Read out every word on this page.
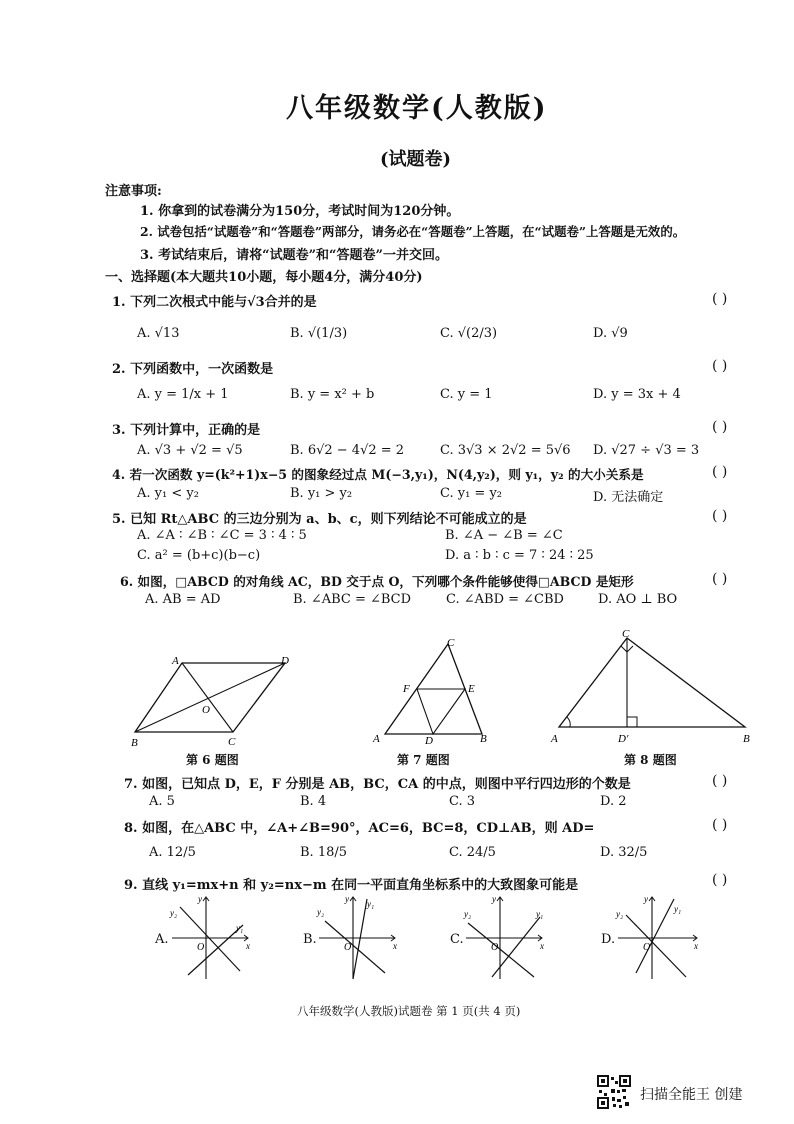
八年级数学(人教版)
(试题卷)
注意事项:
1. 你拿到的试卷满分为150分，考试时间为120分钟。
2. 试卷包括“试题卷”和“答题卷”两部分，请务必在“答题卷”上答题，在“试题卷”上答题是无效的。
3. 考试结束后，请将“试题卷”和“答题卷”一并交回。
一、选择题(本大题共10小题，每小题4分，满分40分)
1. 下列二次根式中能与√3合并的是	( )
A. √13	B. √(1/3)	C. √(2/3)	D. √9
2. 下列函数中，一次函数是	( )
A. y = 1/x + 1	B. y = x² + b	C. y = 1	D. y = 3x + 4
3. 下列计算中，正确的是	( )
A. √3 + √2 = √5	B. 6√2 − 4√2 = 2	C. 3√3 × 2√2 = 5√6 D. √27 ÷ √3 = 3
4. 若一次函数 y=(k²+1)x−5 的图象经过点 M(−3,y₁)，N(4,y₂)，则 y₁，y₂ 的大小关系是	( )
A. y₁ < y₂	B. y₁ > y₂	C. y₁ = y₂	D. 无法确定
5. 已知 Rt△ABC 的三边分别为 a、b、c，则下列结论不可能成立的是	( )
A. ∠A ∶ ∠B ∶ ∠C = 3 ∶ 4 ∶ 5	B. ∠A − ∠B = ∠C
C. a² = (b+c)(b−c)	D. a ∶ b ∶ c = 7 ∶ 24 ∶ 25
6. 如图，□ABCD 的对角线 AC，BD 交于点 O，下列哪个条件能够使得□ABCD 是矩形	( )
A. AB = AD	B. ∠ABC = ∠BCD	C. ∠ABD = ∠CBD	D. AO ⊥ BO
A	D
B	C
O
第 6 题图
C
F	E
A	D	B
第 7 题图
C
A	D′	B
第 8 题图
7. 如图，已知点 D，E，F 分别是 AB，BC，CA 的中点，则图中平行四边形的个数是	( )
A. 5	B. 4	C. 3	D. 2
8. 如图，在△ABC 中，∠A+∠B=90°，AC=6，BC=8，CD⊥AB，则 AD=	( )
A. 12/5	B. 18/5	C. 24/5	D. 32/5
9. 直线 y₁=mx+n 和 y₂=nx−m 在同一平面直角坐标系中的大致图象可能是	( )
A.
y₂
y₁
y
x
O
B.
y₂
y₁
y
x
O
C.
y₂	y₁
y
x
O
D.
y₂	y₁
y
x
O
八年级数学(人教版)试题卷 第 1 页(共 4 页)
扫描全能王 创建
